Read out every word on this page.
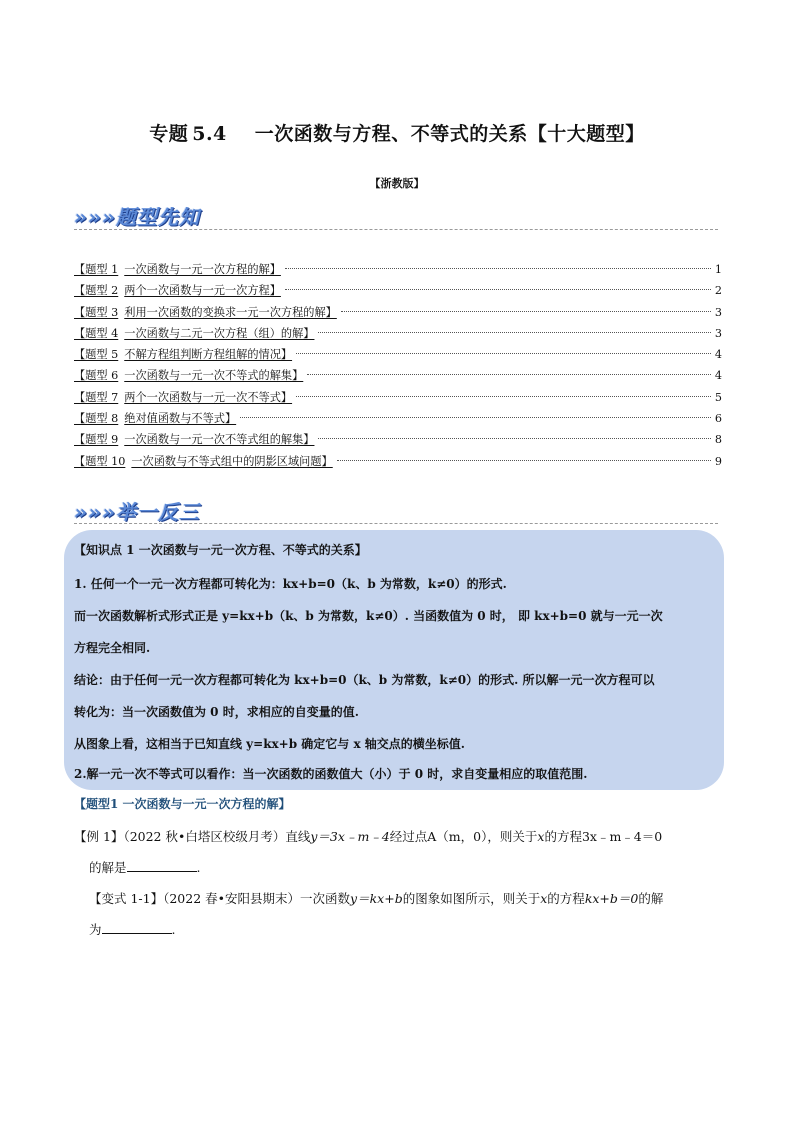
专题 5.4 一次函数与方程、不等式的关系【十大题型】
【浙教版】
»»»题型先知
【题型 1 一次函数与一元一次方程的解】	1
【题型 2 两个一次函数与一元一次方程】	2
【题型 3 利用一次函数的变换求一元一次方程的解】	3
【题型 4 一次函数与二元一次方程（组）的解】	3
【题型 5 不解方程组判断方程组解的情况】	4
【题型 6 一次函数与一元一次不等式的解集】	4
【题型 7 两个一次函数与一元一次不等式】	5
【题型 8 绝对值函数与不等式】	6
【题型 9 一次函数与一元一次不等式组的解集】	8
【题型 10 一次函数与不等式组中的阴影区域问题】	9
»»»举一反三
【知识点 1 一次函数与一元一次方程、不等式的关系】
1. 任何一个一元一次方程都可转化为：kx+b=0（k、b 为常数，k≠0）的形式.
而一次函数解析式形式正是 y=kx+b（k、b 为常数，k≠0）. 当函数值为 0 时， 即 kx+b=0 就与一元一次
方程完全相同.
结论：由于任何一元一次方程都可转化为 kx+b=0（k、b 为常数，k≠0）的形式. 所以解一元一次方程可以
转化为：当一次函数值为 0 时，求相应的自变量的值.
从图象上看，这相当于已知直线 y=kx+b 确定它与 x 轴交点的横坐标值.
2.解一元一次不等式可以看作：当一次函数的函数值大（小）于 0 时，求自变量相应的取值范围.
【题型1 一次函数与一元一次方程的解】
【例 1】（2022 秋•白塔区校级月考）直线y＝3x﹣m﹣4经过点A（m，0），则关于x的方程3x﹣m﹣4＝0
的解是	.
【变式 1-1】（2022 春•安阳县期末）一次函数y＝kx+b的图象如图所示，则关于x的方程kx+b＝0的解
为	.
